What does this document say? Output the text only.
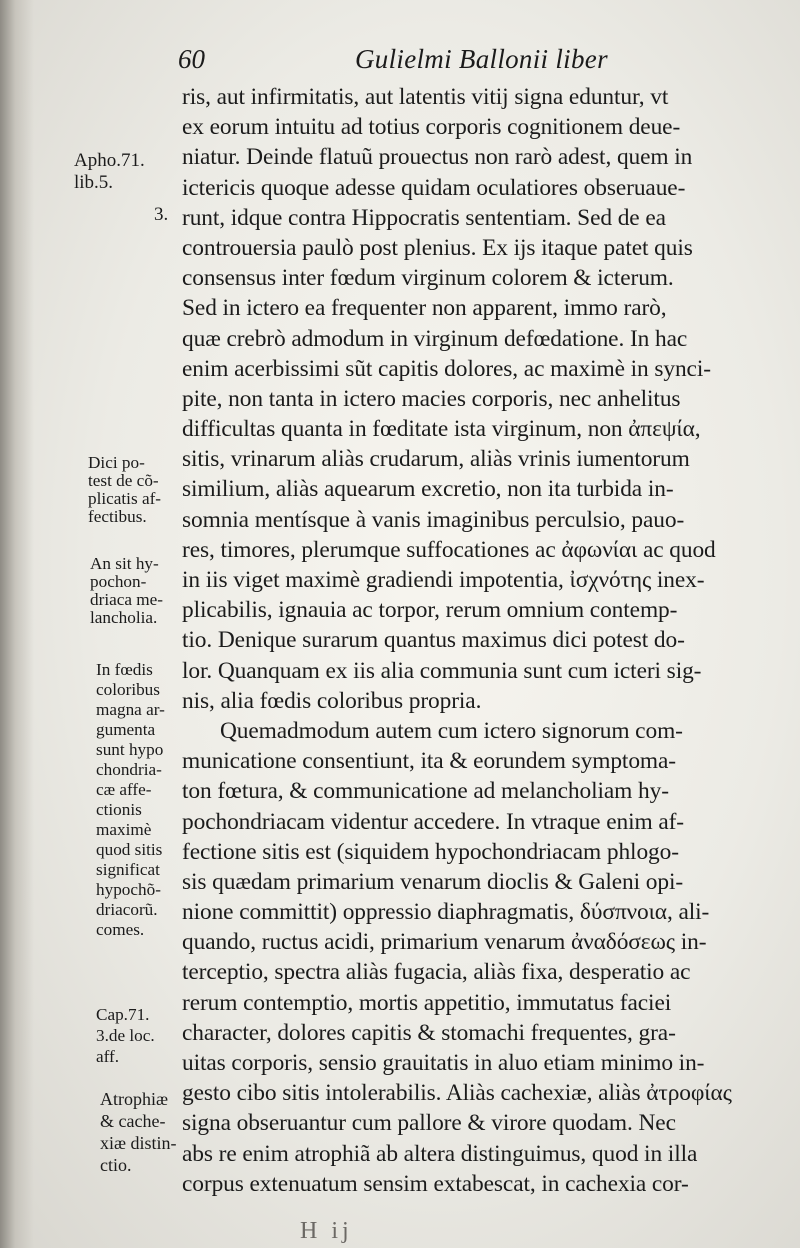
60	Gulielmi Ballonii liber
ris, aut infirmitatis, aut latentis vitij signa eduntur, vt
ex eorum intuitu ad totius corporis cognitionem deue-
niatur. Deinde flatuũ prouectus non rarò adest, quem in
ictericis quoque adesse quidam oculatiores obseruaue-
runt, idque contra Hippocratis sententiam. Sed de ea
controuersia paulò post plenius. Ex ijs itaque patet quis
consensus inter fœdum virginum colorem & icterum.
Sed in ictero ea frequenter non apparent, immo rarò,
quæ crebrò admodum in virginum defœdatione. In hac
enim acerbissimi sũt capitis dolores, ac maximè in synci-
pite, non tanta in ictero macies corporis, nec anhelitus
difficultas quanta in fœditate ista virginum, non ἀπεψία,
sitis, vrinarum aliàs crudarum, aliàs vrinis iumentorum
similium, aliàs aquearum excretio, non ita turbida in-
somnia mentísque à vanis imaginibus perculsio, pauo-
res, timores, plerumque suffocationes ac ἀφωνίαι ac quod
in iis viget maximè gradiendi impotentia, ἰσχνότης inex-
plicabilis, ignauia ac torpor, rerum omnium contemp-
tio. Denique surarum quantus maximus dici potest do-
lor. Quanquam ex iis alia communia sunt cum icteri sig-
nis, alia fœdis coloribus propria.
Quemadmodum autem cum ictero signorum com-
municatione consentiunt, ita & eorundem symptoma-
ton fœtura, & communicatione ad melancholiam hy-
pochondriacam videntur accedere. In vtraque enim af-
fectione sitis est (siquidem hypochondriacam phlogo-
sis quædam primarium venarum dioclis & Galeni opi-
nione committit) oppressio diaphragmatis, δύσπνοια, ali-
quando, ructus acidi, primarium venarum ἀναδόσεως in-
terceptio, spectra aliàs fugacia, aliàs fixa, desperatio ac
rerum contemptio, mortis appetitio, immutatus faciei
character, dolores capitis & stomachi frequentes, gra-
uitas corporis, sensio grauitatis in aluo etiam minimo in-
gesto cibo sitis intolerabilis. Aliàs cachexiæ, aliàs ἀτροφίας
signa obseruantur cum pallore & virore quodam. Nec
abs re enim atrophiã ab altera distinguimus, quod in illa
corpus extenuatum sensim extabescat, in cachexia cor-
Apho.71.
lib.5.
3.
Dici po-
test de cõ-
plicatis af-
fectibus.
An sit hy-
pochon-
driaca me-
lancholia.
In fœdis
coloribus
magna ar-
gumenta
sunt hypo
chondria-
cæ affe-
ctionis
maximè
quod sitis
significat
hypochõ-
driacorũ.
comes.
Cap.71.
3.de loc.
aff.
Atrophiæ
& cache-
xiæ distin-
ctio.
H ij
